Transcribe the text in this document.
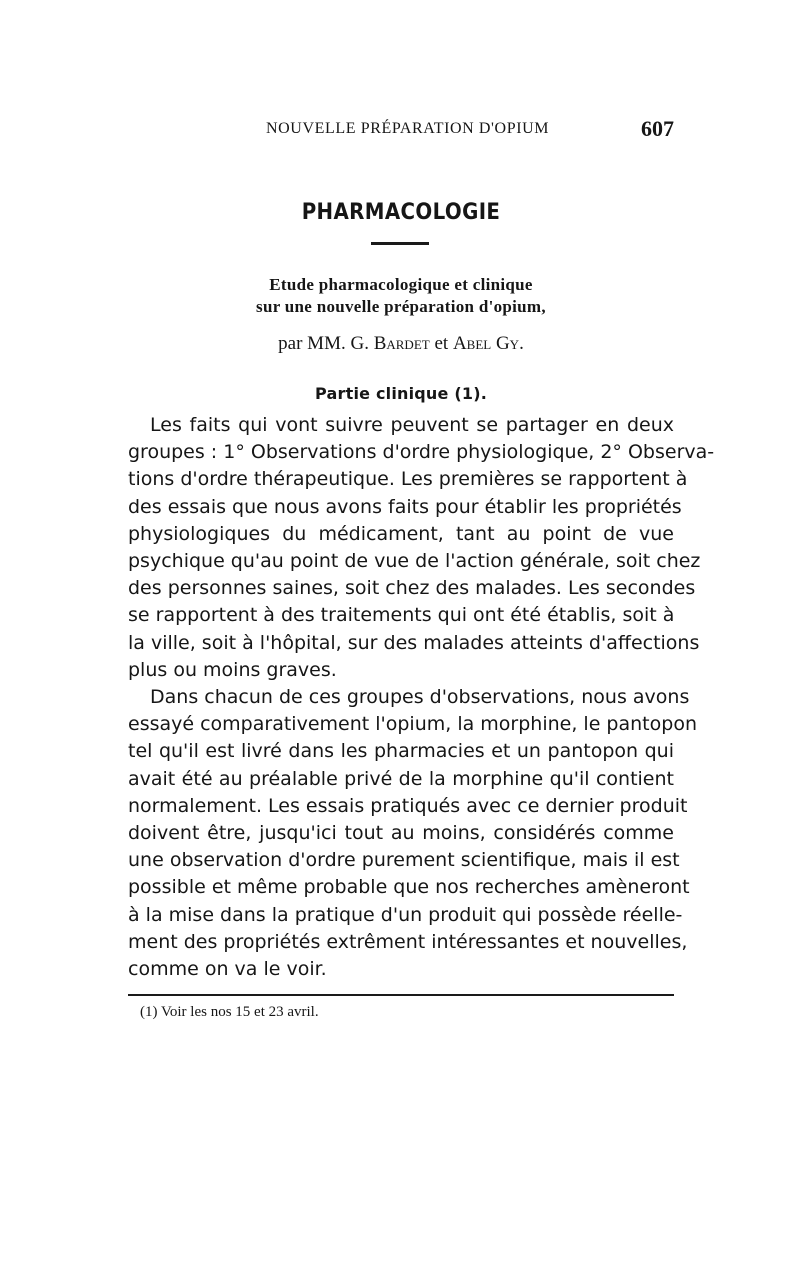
NOUVELLE PRÉPARATION D'OPIUM	607
PHARMACOLOGIE
Etude pharmacologique et clinique
sur une nouvelle préparation d'opium,
par MM. G. Bardet et Abel Gy.
Partie clinique (1).
Les faits qui vont suivre peuvent se partager en deux
groupes : 1° Observations d'ordre physiologique, 2° Observa-
tions d'ordre thérapeutique. Les premières se rapportent à
des essais que nous avons faits pour établir les propriétés
physiologiques du médicament, tant au point de vue
psychique qu'au point de vue de l'action générale, soit chez
des personnes saines, soit chez des malades. Les secondes
se rapportent à des traitements qui ont été établis, soit à
la ville, soit à l'hôpital, sur des malades atteints d'affections
plus ou moins graves.
Dans chacun de ces groupes d'observations, nous avons
essayé comparativement l'opium, la morphine, le pantopon
tel qu'il est livré dans les pharmacies et un pantopon qui
avait été au préalable privé de la morphine qu'il contient
normalement. Les essais pratiqués avec ce dernier produit
doivent être, jusqu'ici tout au moins, considérés comme
une observation d'ordre purement scientifique, mais il est
possible et même probable que nos recherches amèneront
à la mise dans la pratique d'un produit qui possède réelle-
ment des propriétés extrêment intéressantes et nouvelles,
comme on va le voir.
(1) Voir les nos 15 et 23 avril.
